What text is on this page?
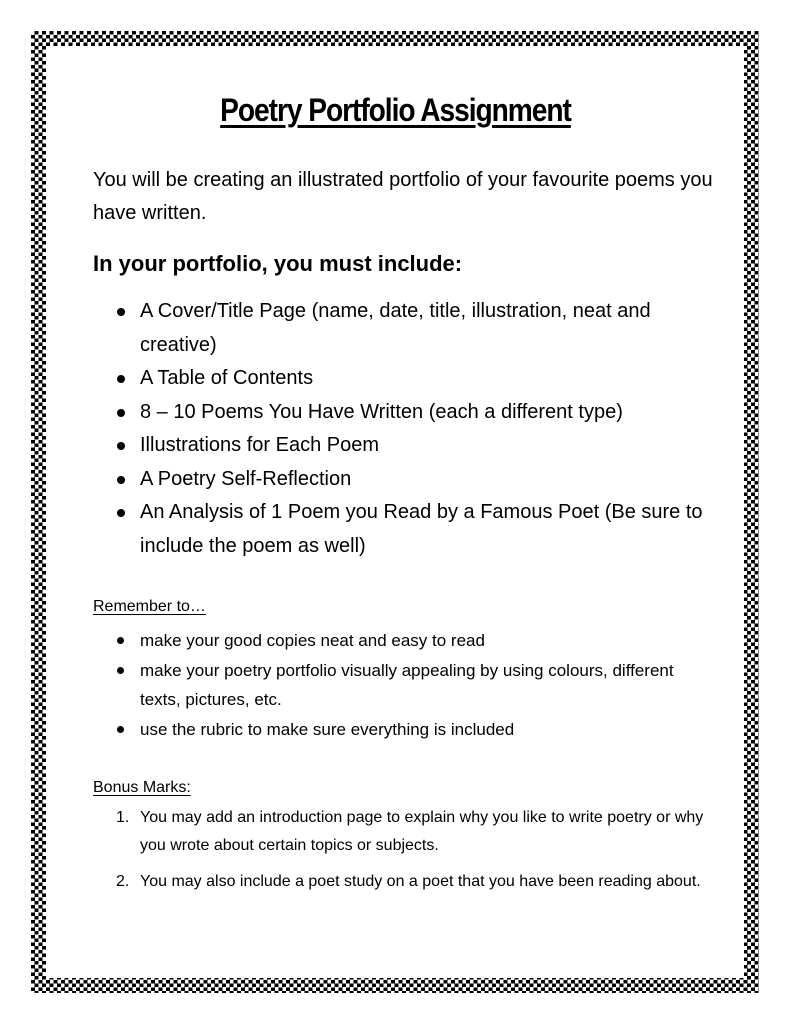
Poetry Portfolio Assignment
You will be creating an illustrated portfolio of your favourite poems you have written.
In your portfolio, you must include:
A Cover/Title Page (name, date, title, illustration, neat and creative)
A Table of Contents
8 – 10 Poems You Have Written (each a different type)
Illustrations for Each Poem
A Poetry Self-Reflection
An Analysis of 1 Poem you Read by a Famous Poet (Be sure to include the poem as well)
Remember to…
make your good copies neat and easy to read
make your poetry portfolio visually appealing by using colours, different texts, pictures, etc.
use the rubric to make sure everything is included
Bonus Marks:
1. You may add an introduction page to explain why you like to write poetry or why you wrote about certain topics or subjects.
2. You may also include a poet study on a poet that you have been reading about.
